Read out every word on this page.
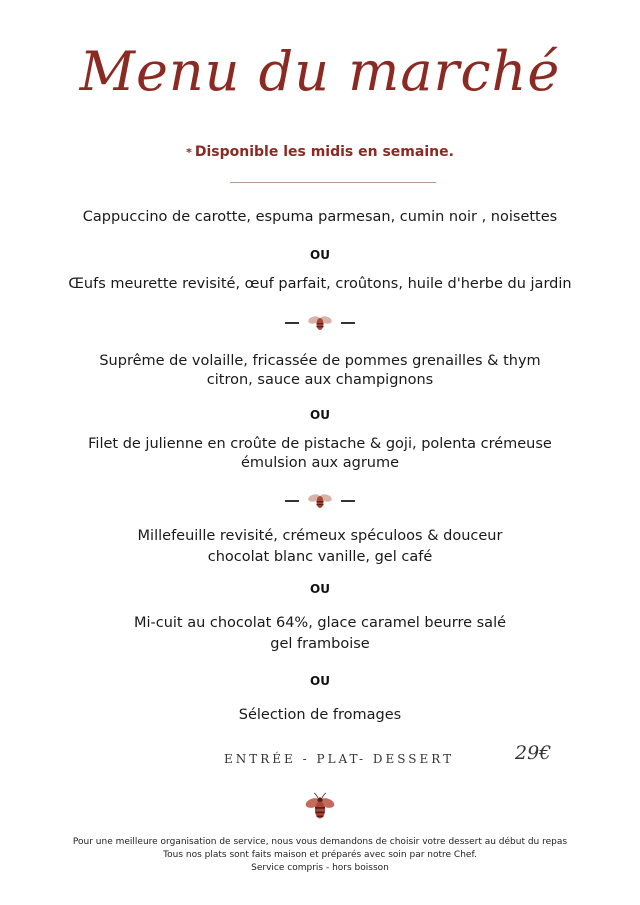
Menu du marché
* Disponible les midis en semaine.
Cappuccino de carotte, espuma parmesan, cumin noir , noisettes
OU
Œufs meurette revisité, œuf parfait, croûtons, huile d'herbe du jardin
Suprême de volaille, fricassée de pommes grenailles & thym
citron, sauce aux champignons
OU
Filet de julienne en croûte de pistache & goji, polenta crémeuse
émulsion aux agrume
Millefeuille revisité, crémeux spéculoos & douceur
chocolat blanc vanille, gel café
OU
Mi-cuit au chocolat 64%, glace caramel beurre salé
gel framboise
OU
Sélection de fromages
ENTRÉE - PLAT- DESSERT	29€
Pour une meilleure organisation de service, nous vous demandons de choisir votre dessert au début du repas
Tous nos plats sont faits maison et préparés avec soin par notre Chef.
Service compris - hors boisson
